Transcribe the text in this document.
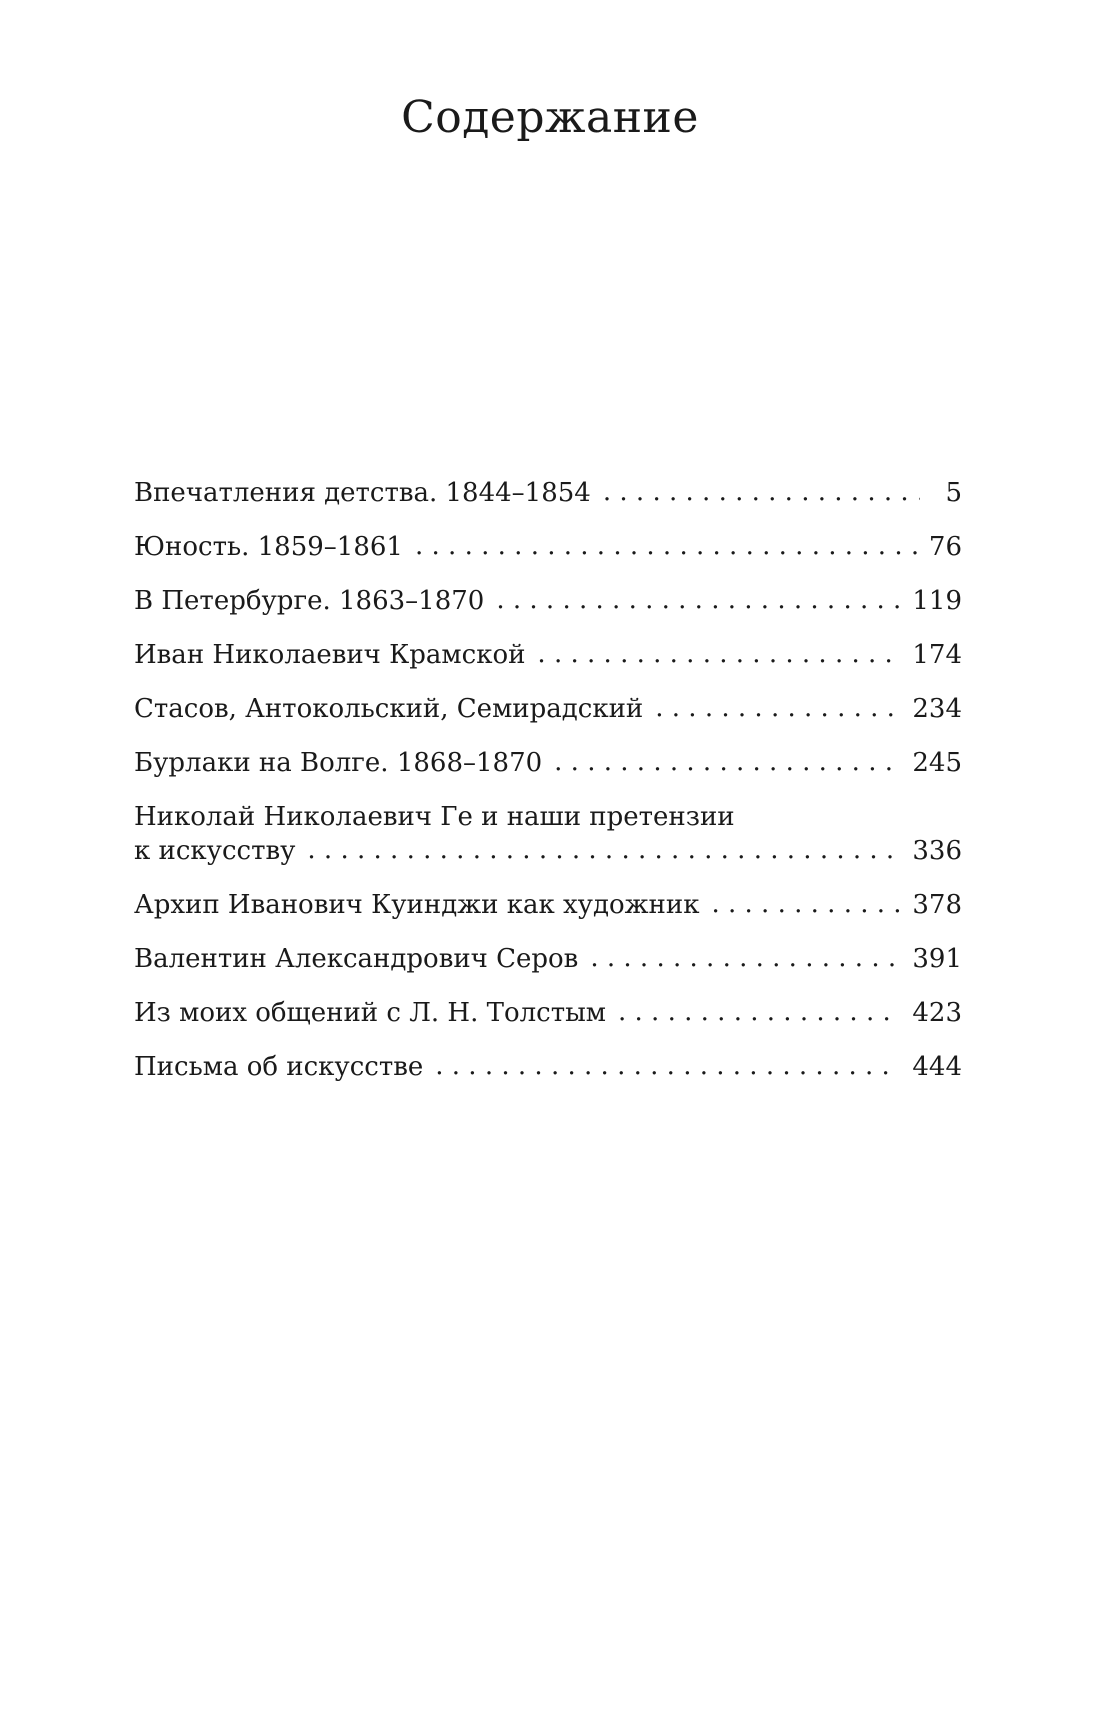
Содержание
Впечатления детства. 1844–1854 . . .	5
Юность. 1859–1861 . . .	76
В Петербурге. 1863–1870 . . .	119
Иван Николаевич Крамской . . .	174
Стасов, Антокольский, Семирадский . . .	234
Бурлаки на Волге. 1868–1870 . . .	245
Николай Николаевич Ге и наши претензии
к искусству . . .	336
Архип Иванович Куинджи как художник . . .	378
Валентин Александрович Серов . . .	391
Из моих общений с Л. Н. Толстым . . .	423
Письма об искусстве . . .	444
